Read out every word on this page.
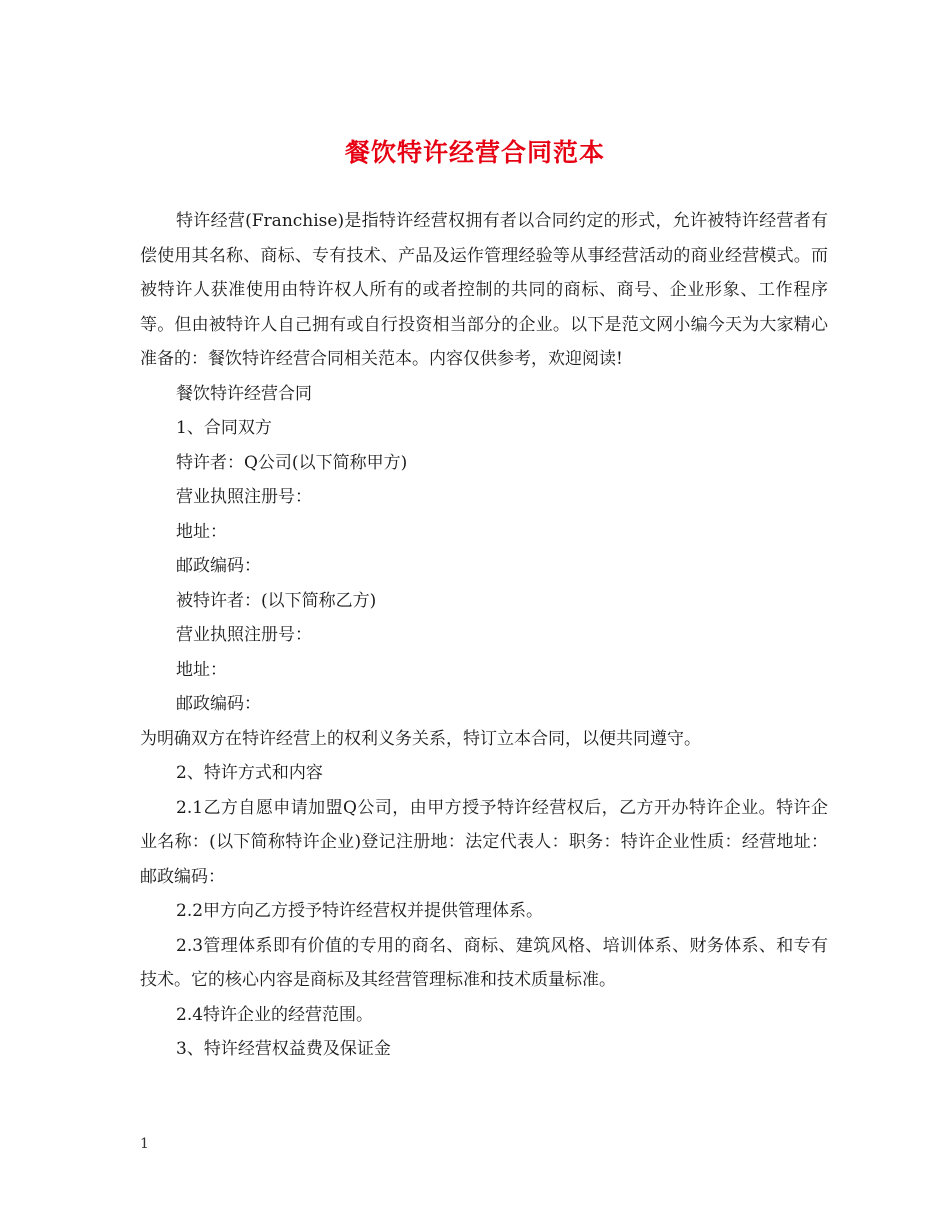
餐饮特许经营合同范本

特许经营(Franchise)是指特许经营权拥有者以合同约定的形式，允许被特许经营者有偿使用其名称、商标、专有技术、产品及运作管理经验等从事经营活动的商业经营模式。而被特许人获准使用由特许权人所有的或者控制的共同的商标、商号、企业形象、工作程序等。但由被特许人自己拥有或自行投资相当部分的企业。以下是范文网小编今天为大家精心准备的：餐饮特许经营合同相关范本。内容仅供参考，欢迎阅读!

餐饮特许经营合同

1、合同双方

特许者：Q公司(以下简称甲方)

营业执照注册号：

地址：

邮政编码：

被特许者：(以下简称乙方)

营业执照注册号：

地址：

邮政编码：

为明确双方在特许经营上的权利义务关系，特订立本合同，以便共同遵守。

2、特许方式和内容

2.1乙方自愿申请加盟Q公司，由甲方授予特许经营权后，乙方开办特许企业。特许企业名称：(以下简称特许企业)登记注册地：法定代表人：职务：特许企业性质：经营地址：邮政编码：

2.2甲方向乙方授予特许经营权并提供管理体系。

2.3管理体系即有价值的专用的商名、商标、建筑风格、培训体系、财务体系、和专有技术。它的核心内容是商标及其经营管理标准和技术质量标准。

2.4特许企业的经营范围。

3、特许经营权益费及保证金

1
